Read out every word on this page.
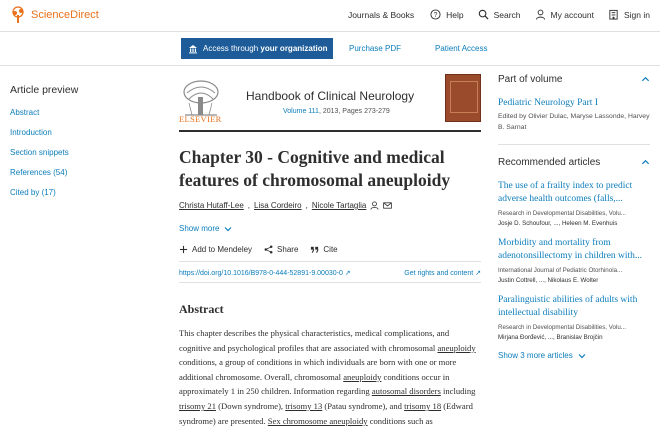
ScienceDirect	Journals & Books	? Help	Search	My account	Sign in
Access through your organization	Purchase PDF	Patient Access
Article preview
Abstract
Introduction
Section snippets
References (54)
Cited by (17)
ELSEVIER
Handbook of Clinical Neurology
Volume 111, 2013, Pages 273-279
Chapter 30 - Cognitive and medical features of chromosomal aneuploidy
Christa Hutaff-Lee , Lisa Cordeiro , Nicole Tartaglia
Show more
Add to Mendeley	Share	Cite
https://doi.org/10.1016/B978-0-444-52891-9.00030-0 ↗	Get rights and content ↗
Abstract

This chapter describes the physical characteristics, medical complications, and cognitive and psychological profiles that are associated with chromosomal aneuploidy conditions, a group of conditions in which individuals are born with one or more additional chromosome. Overall, chromosomal aneuploidy conditions occur in approximately 1 in 250 children. Information regarding autosomal disorders including trisomy 21 (Down syndrome), trisomy 13 (Patau syndrome), and trisomy 18 (Edward syndrome) are presented. Sex chromosome aneuploidy conditions such as

Part of volume
Pediatric Neurology Part I
Edited by Olivier Dulac, Maryse Lassonde, Harvey B. Sarnat
Recommended articles
The use of a frailty index to predict adverse health outcomes (falls,...
Research in Developmental Disabilities, Volu...
Josje D. Schoufour, ..., Heleen M. Evenhuis
Morbidity and mortality from adenotonsillectomy in children with...
International Journal of Pediatric Otorhinola...
Justin Cottrell, ..., Nikolaus E. Wolter
Paralinguistic abilities of adults with intellectual disability
Research in Developmental Disabilities, Volu...
Mirjana Đorđević, ..., Branislav Brojčin
Show 3 more articles
